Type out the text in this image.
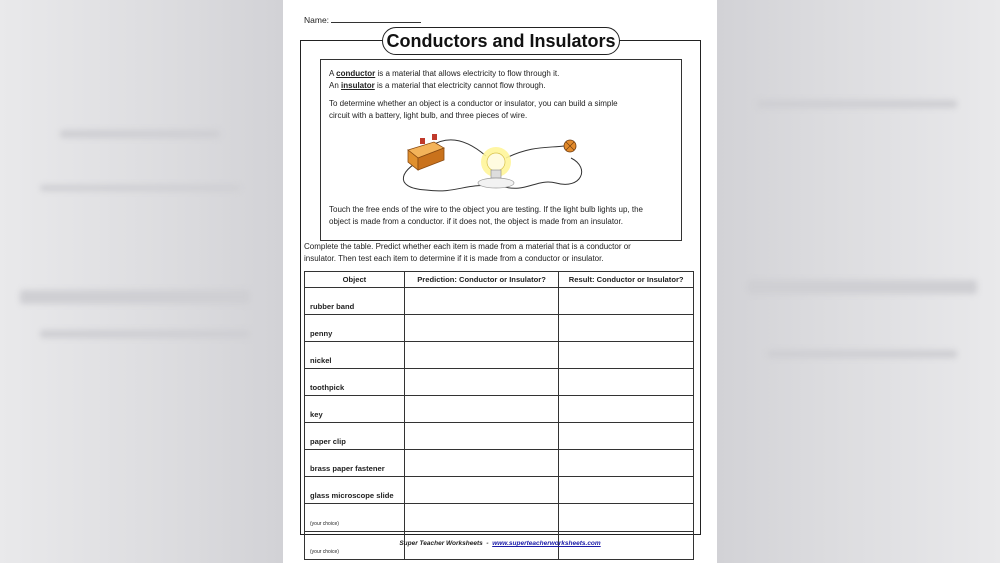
Name:
Conductors and Insulators
A conductor is a material that allows electricity to flow through it.
An insulator is a material that electricity cannot flow through.
To determine whether an object is a conductor or insulator, you can build a simple
circuit with a battery, light bulb, and three pieces of wire.
Touch the free ends of the wire to the object you are testing. If the light bulb lights up, the
object is made from a conductor. if it does not, the object is made from an insulator.
Complete the table. Predict whether each item is made from a material that is a conductor or
insulator. Then test each item to determine if it is made from a conductor or insulator.
Object	Prediction: Conductor or Insulator?	Result: Conductor or Insulator?
rubber band		
penny		
nickel		
toothpick		
key		
paper clip		
brass paper fastener		
glass microscope slide		
(your choice)		
(your choice)		
Super Teacher Worksheets - www.superteacherworksheets.com
